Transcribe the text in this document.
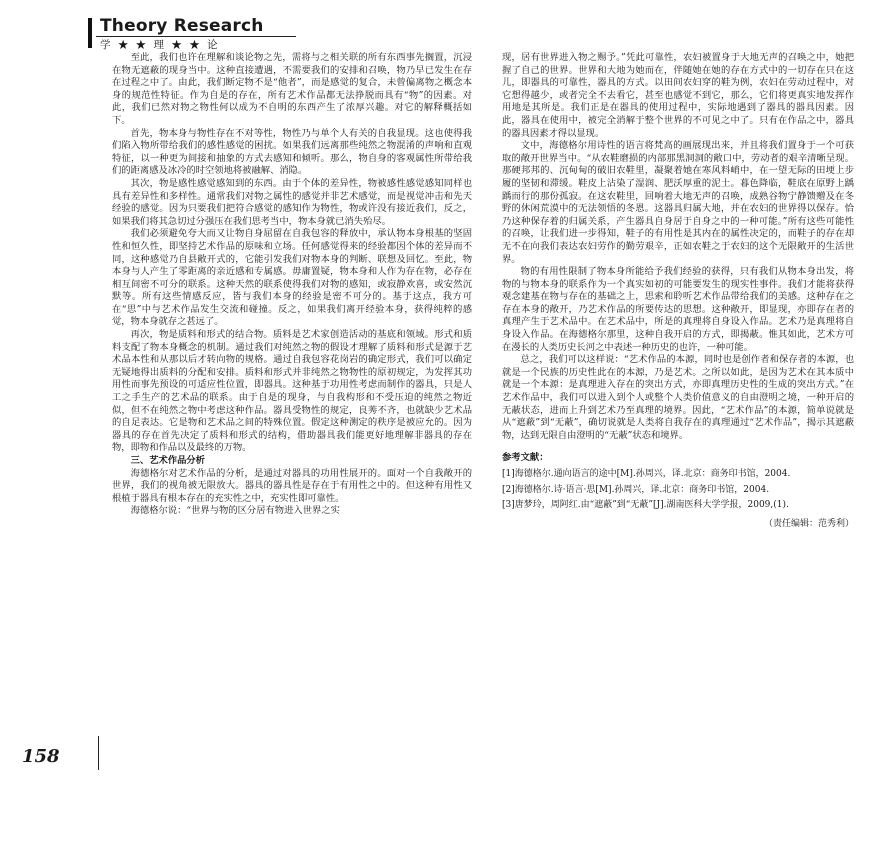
Theory Research
学 ★ ★ 理 ★ ★ 论

至此，我们也许在理解和谈论物之先，需将与之相关联的所有东西事先搁置，沉浸在物无遮蔽的现身当中。这种直接遭遇，不需要我们的安排和召唤，物乃早已发生在存在过程之中了。由此，我们断定物不是“他者”，而是感觉的复合，未曾偏离物之概念本身的规范性特征。作为自是的存在，所有艺术作品都无法挣脱而具有“物”的因素。对此，我们已然对物之物性何以成为不自明的东西产生了浓厚兴趣。对它的解释概括如下。

首先，物本身与物性存在不对等性，物性乃与单个人有关的自我显现。这也使得我们陷入物所带给我们的感性感觉的困扰。如果我们远离那些纯然之物混淆的声响和直观特征，以一种更为间接和抽象的方式去感知和倾听。那么，物自身的客观属性所带给我们的距离感及冰冷的时空领地将被融解、消隐。

其次，物是感性感觉感知到的东西。由于个体的差异性，物被感性感觉感知同样也具有差异性和多样性。通常我们对物之属性的感觉并非艺术感觉，而是视觉冲击和先天经验的感觉。因为只要我们把符合感觉的感知作为物性，物或许没有接近我们，反之，如果我们将其急切过分强压在我们思考当中，物本身就已消失殆尽。

我们必须避免夸大而又让物自身屈留在自我包容的释放中，承认物本身根基的坚固性和恒久性，即坚持艺术作品的原味和立场。任何感觉得来的经验都因个体的差异而不同，这种感觉乃自县敞开式的，它能引发我们对物本身的判断、联想及回忆。至此，物本身与人产生了零距离的亲近感和专属感。毋庸置疑，物本身和人作为存在物，必存在相互间密不可分的联系。这种天然的联系使得我们对物的感知，或寂静欢喜，或安然沉默等。所有这些情感反应，皆与我们本身的经验是密不可分的。基于这点，我方可在“思”中与艺术作品发生交流和碰撞。反之，如果我们离开经验本身，获得纯粹的感觉，物本身就存之甚远了。

再次，物是质料和形式的结合物。质料是艺术家创造活动的基底和领域。形式和质料支配了物本身概念的机制。通过我们对纯然之物的假设才理解了质料和形式是源于艺术品本性和从那以后才转向物的规格。通过自我包容花岗岩的确定形式，我们可以确定无疑地得出质料的分配和安排。质料和形式并非纯然之物物性的原初规定，为发挥其功用性而事先预设的可适应性位置，即器具。这种基于功用性考虑而制作的器具，只是人工之手生产的艺术品的联系。由于自是的现身，与自我构形和不受压迫的纯然之物近似，但不在纯然之物中考虑这种作品。器具受物性的规定，良莠不齐，也就缺少艺术品的自足表达。它是物和艺术品之间的特殊位置。假定这种测定的秩序是被应允的。因为器具的存在首先决定了质料和形式的结构，借助器具我们能更好地理解非器具的存在物，即物和作品以及最终的万物。

三、艺术作品分析

海德格尔对艺术作品的分析，是通过对器具的功用性展开的。面对一个自我敞开的世界，我们的视角被无限放大。器具的器具性是存在于有用性之中的。但这种有用性又根植于器具有根本存在的充实性之中，充实性即可靠性。

海德格尔说：“世界与物的区分居有物进入世界之实

现，居有世界进入物之赐予。”凭此可靠性，农妇被置身于大地无声的召唤之中，她把握了自己的世界。世界和大地为她而在，伴随她在她的存在方式中的一切存在只在这儿，即器具的可靠性，器具的方式。以田间农妇穿的鞋为例，农妇在劳动过程中，对它想得越少，或者完全不去看它，甚至也感觉不到它，那么，它们将更真实地发挥作用地是其所是。我们正是在器具的使用过程中，实际地遇到了器具的器具因素。因此，器具在使用中，被完全消解于整个世界的不可见之中了。只有在作品之中，器具的器具因素才得以显现。

文中，海德格尔用诗性的语言将梵高的画展现出来，并且将我们置身于一个可获取的敞开世界当中。“从农鞋磨损的内部那黑洞洞的敞口中，劳动者的艰辛清晰呈现。那硬邦邦的、沉甸甸的破旧农鞋里，凝聚着她在寒风料峭中，在一望无际的田埂上步履的坚韧和滞缓。鞋皮上沾染了湿润、肥沃厚重的泥土。暮色降临，鞋底在原野上踽踽而行的那份孤寂。在这农鞋里，回响着大地无声的召唤，成熟谷物宁静馈赠及在冬野的休闲荒漠中的无法领悟的冬恩。这器具归属大地，并在农妇的世界得以保存。恰乃这种保存着的归属关系，产生器具自身居于自身之中的一种可能。”所有这些可能性的召唤，让我们进一步得知，鞋子的有用性是其内在的属性决定的，而鞋子的存在却无不在向我们表达农妇劳作的勤劳艰辛，正如农鞋之于农妇的这个无限敞开的生活世界。

物的有用性限制了物本身所能给予我们经验的获得，只有我们从物本身出发，将物的与物本身的联系作为一个真实如初的可能要发生的现实性事件。我们才能将获得观念建基在物与存在的基础之上，思索和聆听艺术作品带给我们的美感。这种存在之存在本身的敞开，乃艺术作品的所要传达的思想。这种敞开，即显现，亦即存在者的真理产生于艺术品中。在艺术品中，所是的真理将自身设入作品。艺术乃是真理将自身设入作品。在海德格尔那里，这种自我开启的方式，即揭蔽。惟其如此，艺术方可在漫长的人类历史长河之中表述一种历史的也许，一种可能。

总之，我们可以这样说：“艺术作品的本源，同时也是创作者和保存者的本源，也就是一个民族的历史性此在的本源，乃是艺术。之所以如此，是因为艺术在其本质中就是一个本源：是真理进入存在的突出方式，亦即真理历史性的生成的突出方式。”在艺术作品中，我们可以进入到个人或整个人类价值意义的自由澄明之境，一种开启的无蔽状态，进而上升到艺术乃至真理的境界。因此，“艺术作品”的本源，简单说就是从“遮蔽”到“无蔽”，确切说就是人类将自我存在的真理通过“艺术作品”，揭示其遮蔽物，达到无限自由澄明的“无蔽”状态和境界。

参考文献：
[1]海德格尔.通向语言的途中[M].孙周兴，译.北京：商务印书馆，2004.
[2]海德格尔.诗·语言·思[M].孙周兴，译.北京：商务印书馆，2004.
[3]唐梦玲，周阿红.由“遮蔽”到“无蔽”[J].湖南医科大学学报，2009,(1).
（责任编辑：范秀利）
158
